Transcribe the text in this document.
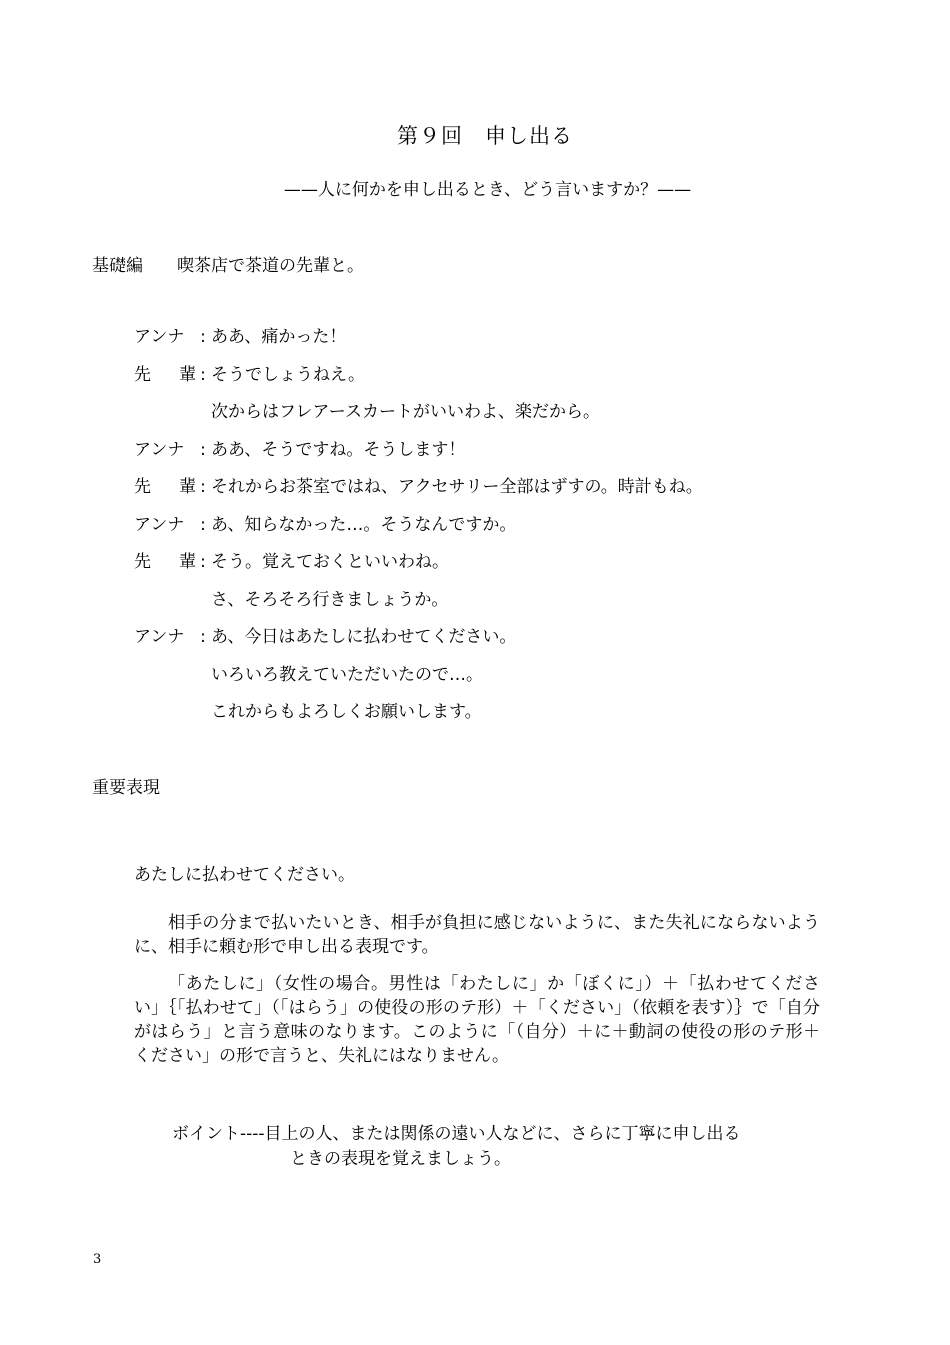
第９回　申し出る
——人に何かを申し出るとき、どう言いますか？——
基礎編　　喫茶店で茶道の先輩と。
アンナ : ああ、痛かった！
先 輩 : そうでしょうねえ。
次からはフレアースカートがいいわよ、楽だから。
アンナ : ああ、そうですね。そうします！
先 輩 : それからお茶室ではね、アクセサリー全部はずすの。時計もね。
アンナ : あ、知らなかった…。そうなんですか。
先 輩 : そう。覚えておくといいわね。
さ、そろそろ行きましょうか。
アンナ : あ、今日はあたしに払わせてください。
いろいろ教えていただいたので…。
これからもよろしくお願いします。
重要表現
あたしに払わせてください。
相手の分まで払いたいとき、相手が負担に感じないように、また失礼にならないように、相手に頼む形で申し出る表現です。
「あたしに」（女性の場合。男性は「わたしに」か「ぼくに」）＋「払わせてください」｛「払わせて」（「はらう」の使役の形のテ形）＋「ください」（依頼を表す）｝で「自分がはらう」と言う意味のなります。このように「（自分）＋に＋動詞の使役の形のテ形＋ください」の形で言うと、失礼にはなりません。
ボイント----目上の人、または関係の遠い人などに、さらに丁寧に申し出る
ときの表現を覚えましょう。
3
